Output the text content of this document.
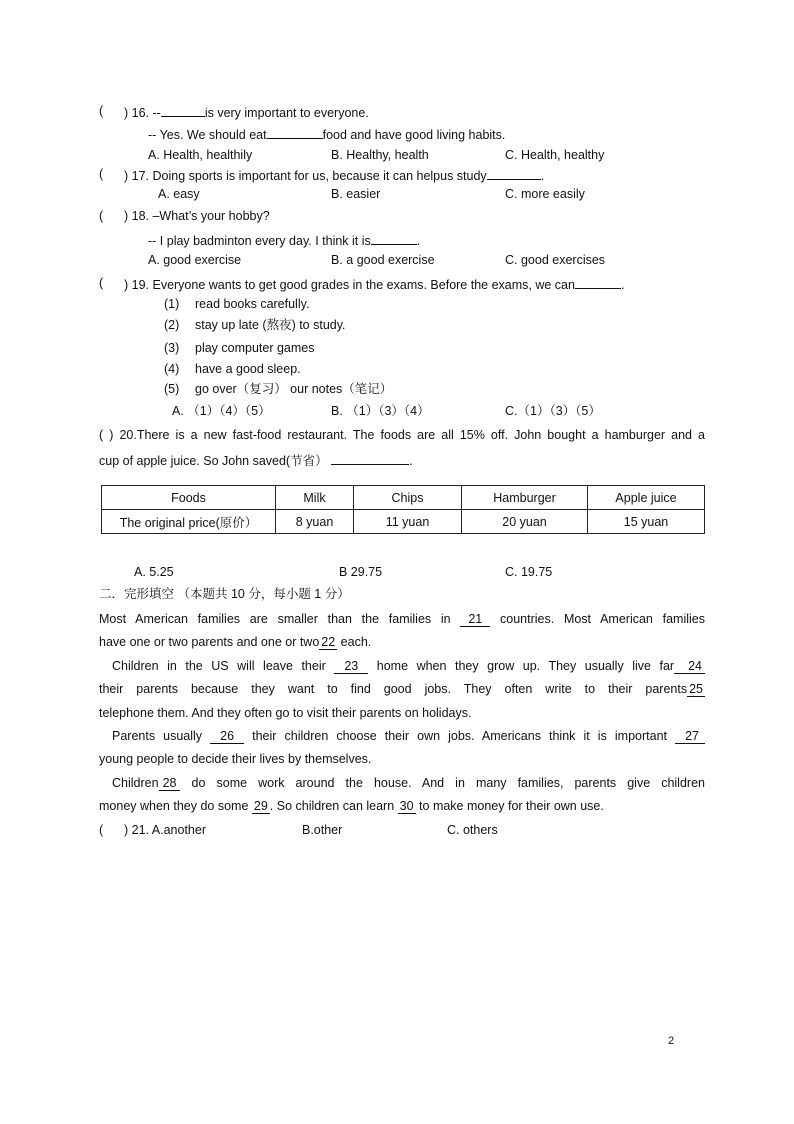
( ) 16. --	is very important to everyone.
-- Yes. We should eat	food and have good living habits.
A. Health, healthily	B. Healthy, health	C. Health, healthy
( ) 17. Doing sports is important for us, because it can helpus study	.
A. easy	B. easier	C. more easily
( ) 18. –What’s your hobby?
-- I play badminton every day. I think it is	.
A. good exercise	B. a good exercise	C. good exercises
( ) 19. Everyone wants to get good grades in the exams. Before the exams, we can	.
(1) read books carefully.
(2) stay up late (熬夜) to study.
(3) play computer games
(4) have a good sleep.
(5) go over（复习） our notes（笔记）
A. （1）（4）（5）	B. （1）（3）（4）	C.（1）（3）（5）
( ) 20.There is a new fast-food restaurant. The foods are all 15% off. John bought a hamburger and a
cup of apple juice. So John saved(节省）	.
Foods	Milk	Chips	Hamburger	Apple juice
The original price(原价）	8 yuan	11 yuan	20 yuan	15 yuan
A. 5.25	B 29.75	C. 19.75
二．完形填空 （本题共 10 分，每小题 1 分）
Most American families are smaller than the families in 21 countries. Most American families
have one or two parents and one or two 22 each.
Children in the US will leave their 23 home when they grow up. They usually live far 24
their parents because they want to find good jobs. They often write to their parents 25
telephone them. And they often go to visit their parents on holidays.
Parents usually 26 their children choose their own jobs. Americans think it is important 27
young people to decide their lives by themselves.
Children 28 do some work around the house. And in many families, parents give children
money when they do some 29 . So children can learn 30 to make money for their own use.
( ) 21. A.another	B.other	C. others
2
